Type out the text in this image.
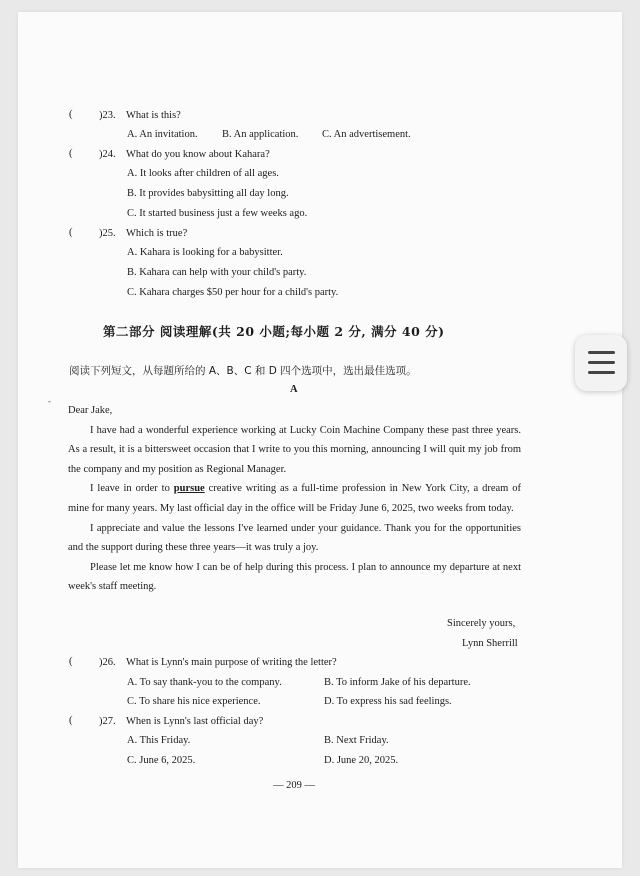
(	)23. What is this?
A. An invitation. B. An application. C. An advertisement.
(	)24. What do you know about Kahara?
A. It looks after children of all ages.
B. It provides babysitting all day long.
C. It started business just a few weeks ago.
(	)25. Which is true?
A. Kahara is looking for a babysitter.
B. Kahara can help with your child's party.
C. Kahara charges $50 per hour for a child's party.
第二部分 阅读理解(共 20 小题;每小题 2 分, 满分 40 分)
阅读下列短文，从每题所给的 A、B、C 和 D 四个选项中，选出最佳选项。
A
-

Dear Jake,

I have had a wonderful experience working at Lucky Coin Machine Company these past three years. As a result, it is a bittersweet occasion that I write to you this morning, announcing I will quit my job from the company and my position as Regional Manager.

I leave in order to pursue creative writing as a full-time profession in New York City, a dream of mine for many years. My last official day in the office will be Friday June 6, 2025, two weeks from today.

I appreciate and value the lessons I've learned under your guidance. Thank you for the opportunities and the support during these three years—it was truly a joy.

Please let me know how I can be of help during this process. I plan to announce my departure at next week's staff meeting.

Sincerely yours,
Lynn Sherrill
(	)26. What is Lynn's main purpose of writing the letter?
A. To say thank-you to the company.	B. To inform Jake of his departure.
C. To share his nice experience.	D. To express his sad feelings.
(	)27. When is Lynn's last official day?
A. This Friday.	B. Next Friday.
C. June 6, 2025.	D. June 20, 2025.
— 209 —
